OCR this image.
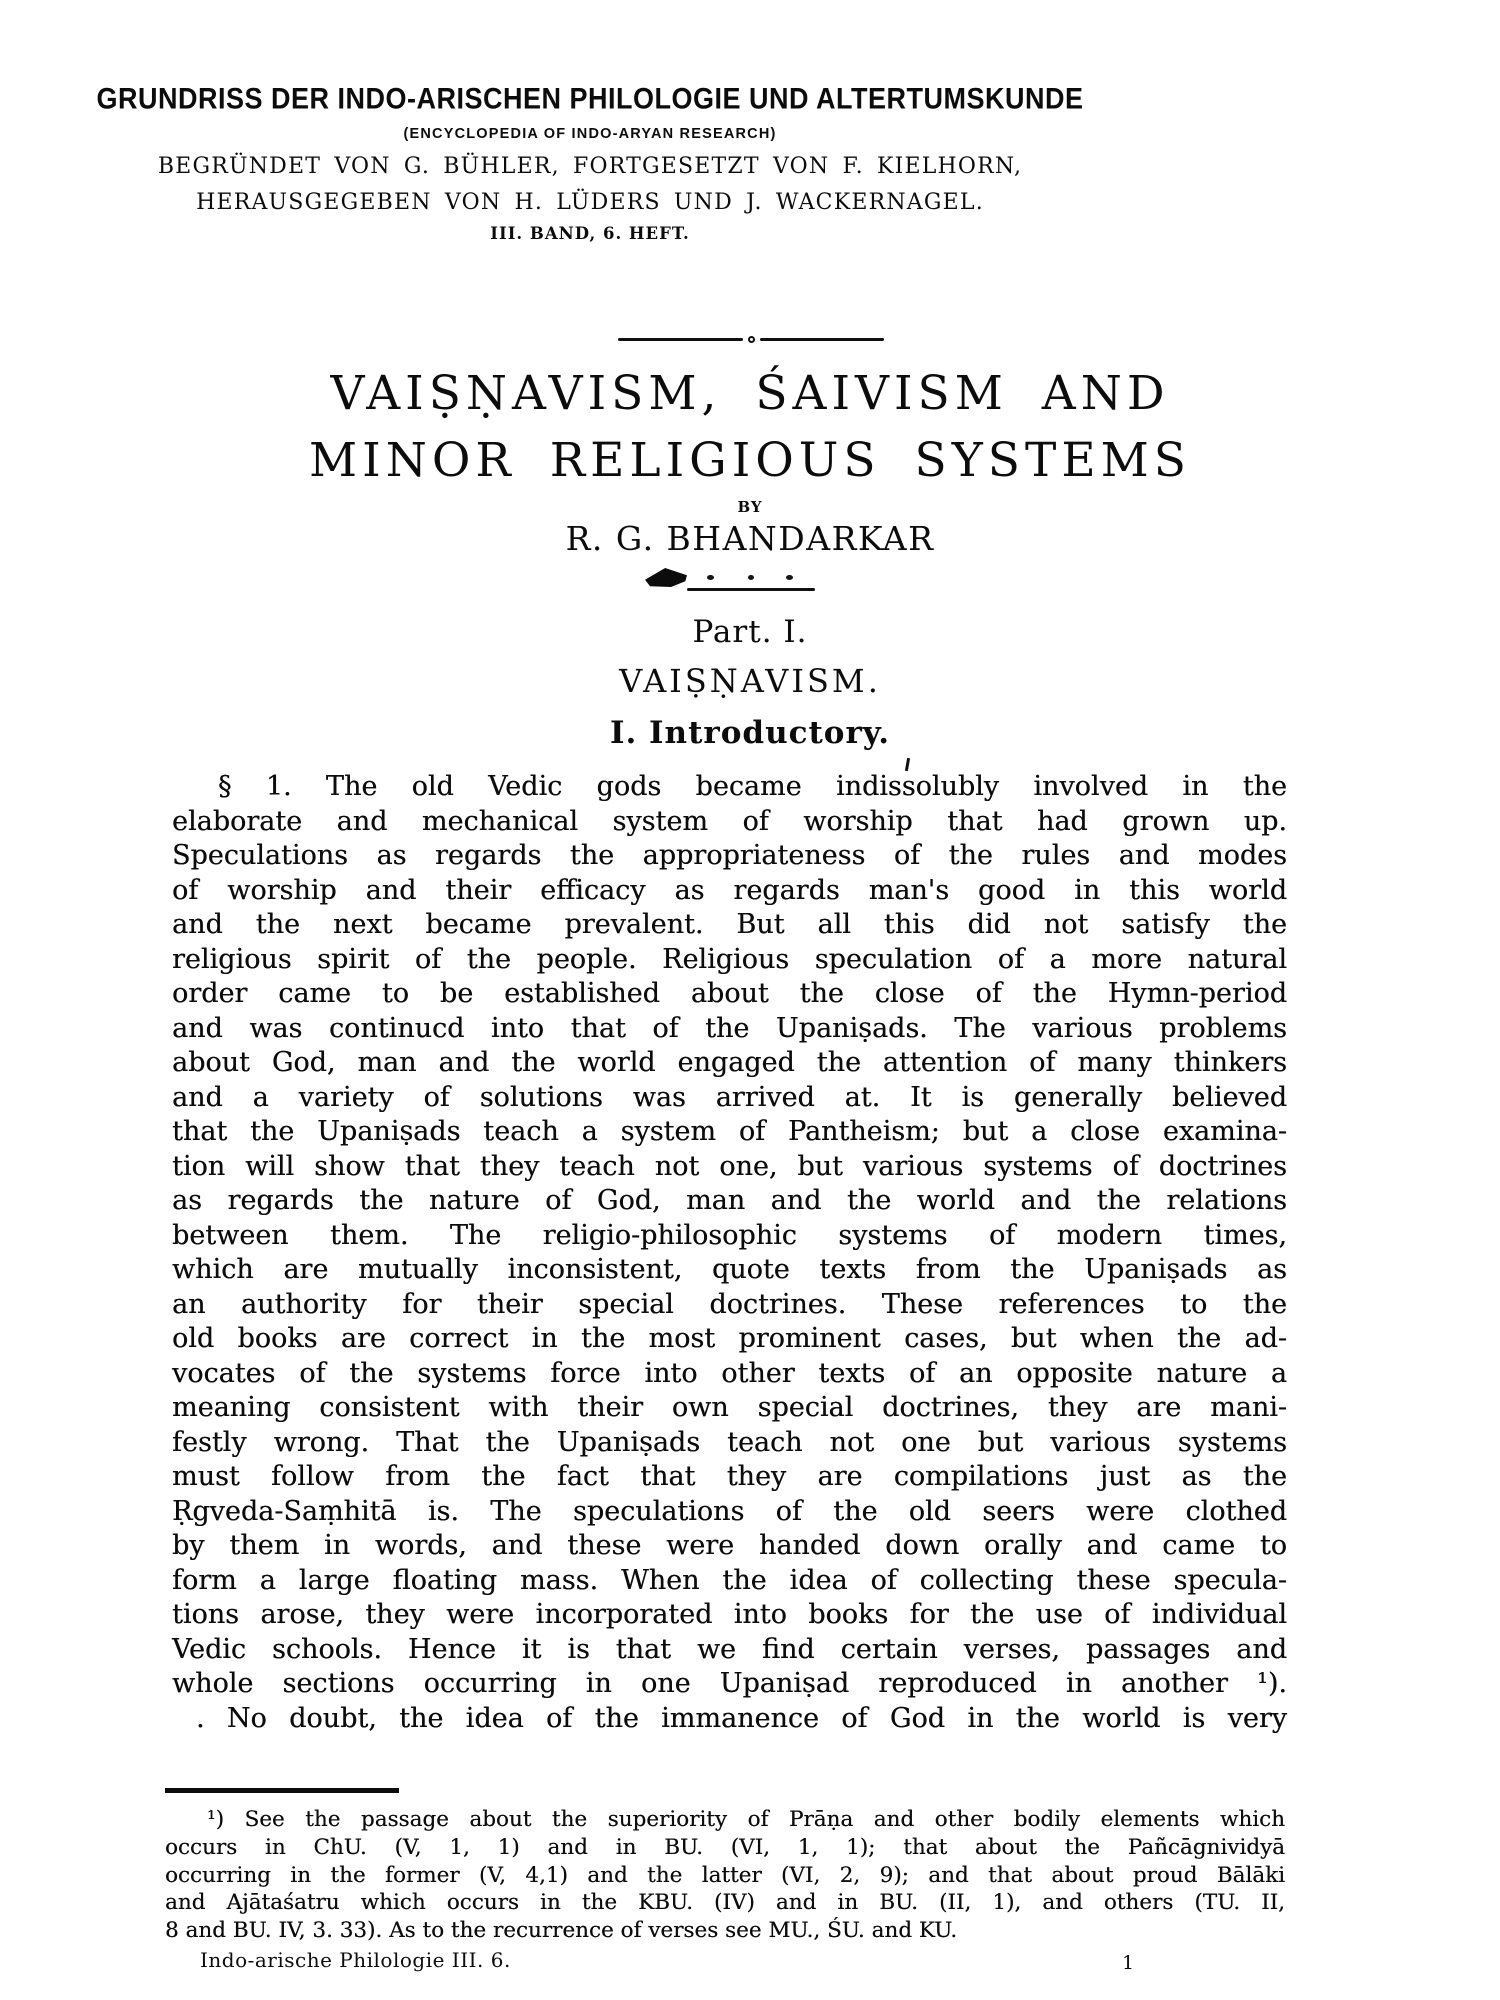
GRUNDRISS DER INDO-ARISCHEN PHILOLOGIE UND ALTERTUMSKUNDE
(ENCYCLOPEDIA OF INDO-ARYAN RESEARCH)
BEGRÜNDET VON G. BÜHLER, FORTGESETZT VON F. KIELHORN,
HERAUSGEGEBEN VON H. LÜDERS UND J. WACKERNAGEL.
III. BAND, 6. HEFT.
VAIṢṆAVISM, ŚAIVISM AND
MINOR RELIGIOUS SYSTEMS
BY
R. G. BHANDARKAR
Part. I.
VAIṢṆAVISM.
I. Introductory.
§ 1. The old Vedic gods became indissolubly involved in the
elaborate and mechanical system of worship that had grown up.
Speculations as regards the appropriateness of the rules and modes
of worship and their efficacy as regards man's good in this world
and the next became prevalent. But all this did not satisfy the
religious spirit of the people. Religious speculation of a more natural
order came to be established about the close of the Hymn-period
and was continucd into that of the Upaniṣads. The various problems
about God, man and the world engaged the attention of many thinkers
and a variety of solutions was arrived at. It is generally believed
that the Upaniṣads teach a system of Pantheism; but a close examina-
tion will show that they teach not one, but various systems of doctrines
as regards the nature of God, man and the world and the relations
between them. The religio-philosophic systems of modern times,
which are mutually inconsistent, quote texts from the Upaniṣads as
an authority for their special doctrines. These references to the
old books are correct in the most prominent cases, but when the ad-
vocates of the systems force into other texts of an opposite nature a
meaning consistent with their own special doctrines, they are mani-
festly wrong. That the Upaniṣads teach not one but various systems
must follow from the fact that they are compilations just as the
Ṛgveda-Saṃhitā is. The speculations of the old seers were clothed
by them in words, and these were handed down orally and came to
form a large floating mass. When the idea of collecting these specula-
tions arose, they were incorporated into books for the use of individual
Vedic schools. Hence it is that we find certain verses, passages and
whole sections occurring in one Upaniṣad reproduced in another ¹).
. No doubt, the idea of the immanence of God in the world is very
¹) See the passage about the superiority of Prāṇa and other bodily elements which
occurs in ChU. (V, 1, 1) and in BU. (VI, 1, 1); that about the Pañcāgnividyā
occurring in the former (V, 4,1) and the latter (VI, 2, 9); and that about proud Bālāki
and Ajātaśatru which occurs in the KBU. (IV) and in BU. (II, 1), and others (TU. II,
8 and BU. IV, 3. 33). As to the recurrence of verses see MU., ŚU. and KU.
Indo-arische Philologie III. 6.	1
